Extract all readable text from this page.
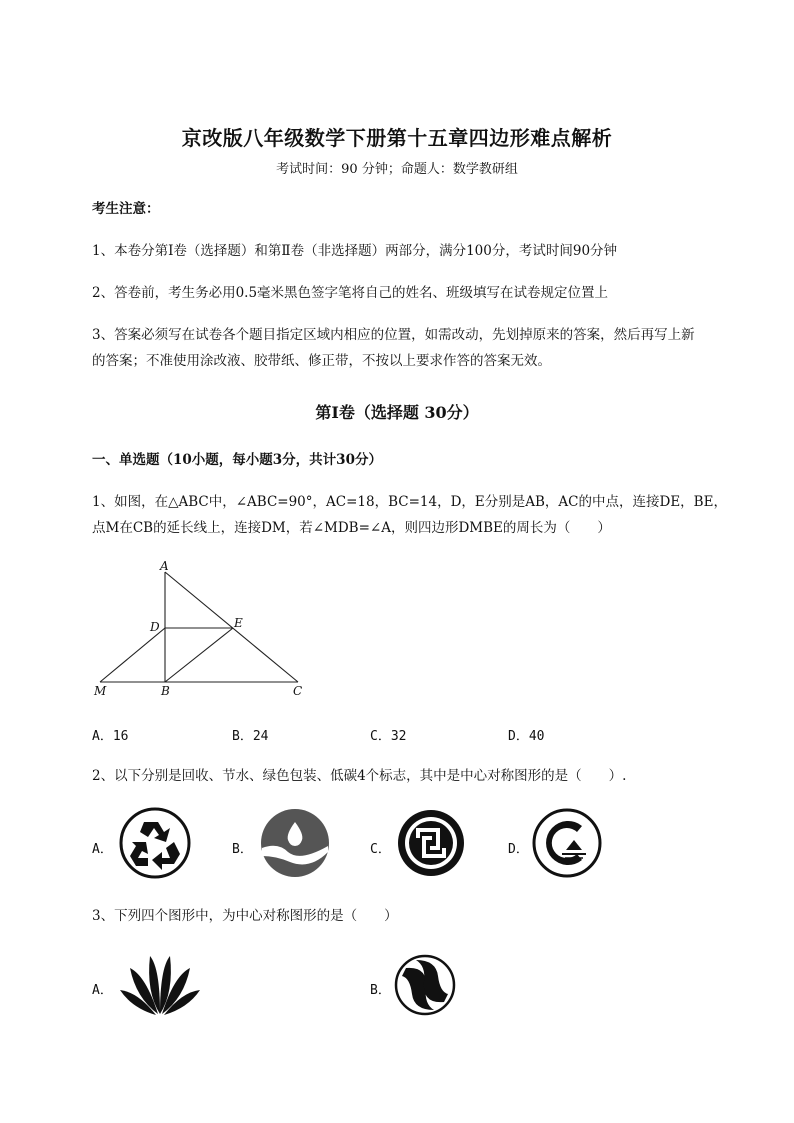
京改版八年级数学下册第十五章四边形难点解析
考试时间：90 分钟；命题人：数学教研组
考生注意：
1、本卷分第Ⅰ卷（选择题）和第Ⅱ卷（非选择题）两部分，满分100分，考试时间90分钟
2、答卷前，考生务必用0.5毫米黑色签字笔将自己的姓名、班级填写在试卷规定位置上
3、答案必须写在试卷各个题目指定区域内相应的位置，如需改动，先划掉原来的答案，然后再写上新
的答案；不准使用涂改液、胶带纸、修正带，不按以上要求作答的答案无效。
第Ⅰ卷（选择题 30分）
一、单选题（10小题，每小题3分，共计30分）
1、如图，在△ABC中，∠ABC=90°，AC=18，BC=14，D，E分别是AB，AC的中点，连接DE，BE，
点M在CB的延长线上，连接DM，若∠MDB=∠A，则四边形DMBE的周长为（　　）
A
D	E
M	B	C
A．16	B．24	C．32	D．40
2、以下分别是回收、节水、绿色包装、低碳4个标志，其中是中心对称图形的是（　　）.
A．	B．	C．	D．
3、下列四个图形中，为中心对称图形的是（　　）
A．	B．
